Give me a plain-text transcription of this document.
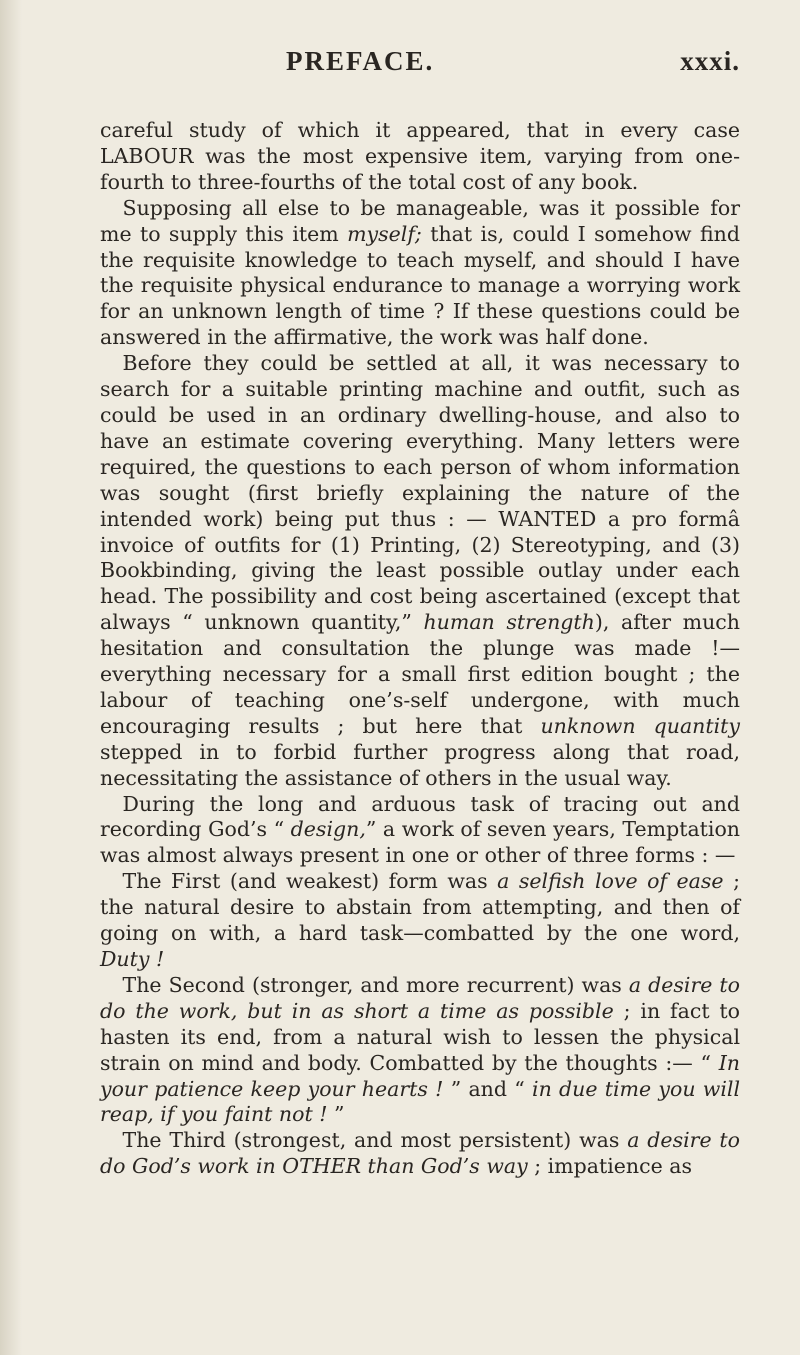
PREFACE.	xxxi.

careful study of which it appeared, that in every case LABOUR was the most expensive item, varying from one-fourth to three-fourths of the total cost of any book.

Supposing all else to be manageable, was it possible for me to supply this item myself; that is, could I somehow find the requisite knowledge to teach myself, and should I have the requisite physical endurance to manage a worrying work for an unknown length of time ? If these questions could be answered in the affirmative, the work was half done.

Before they could be settled at all, it was necessary to search for a suitable printing machine and outfit, such as could be used in an ordinary dwelling-house, and also to have an estimate covering everything. Many letters were required, the questions to each person of whom information was sought (first briefly explaining the nature of the intended work) being put thus : — WANTED a pro formâ invoice of outfits for (1) Printing, (2) Stereotyping, and (3) Bookbinding, giving the least possible outlay under each head. The possibility and cost being ascertained (except that always “ unknown quantity,” human strength), after much hesitation and consultation the plunge was made !—everything necessary for a small first edition bought ; the labour of teaching one’s-self undergone, with much encouraging results ; but here that unknown quantity stepped in to forbid further progress along that road, necessitating the assistance of others in the usual way.

During the long and arduous task of tracing out and recording God’s “ design,” a work of seven years, Temptation was almost always present in one or other of three forms : —

The First (and weakest) form was a selfish love of ease ; the natural desire to abstain from attempting, and then of going on with, a hard task—combatted by the one word, Duty !

The Second (stronger, and more recurrent) was a desire to do the work, but in as short a time as possible ; in fact to hasten its end, from a natural wish to lessen the physical strain on mind and body. Combatted by the thoughts :— “ In your patience keep your hearts ! ” and “ in due time you will reap, if you faint not ! ”

The Third (strongest, and most persistent) was a desire to do God’s work in OTHER than God’s way ; impatience as
